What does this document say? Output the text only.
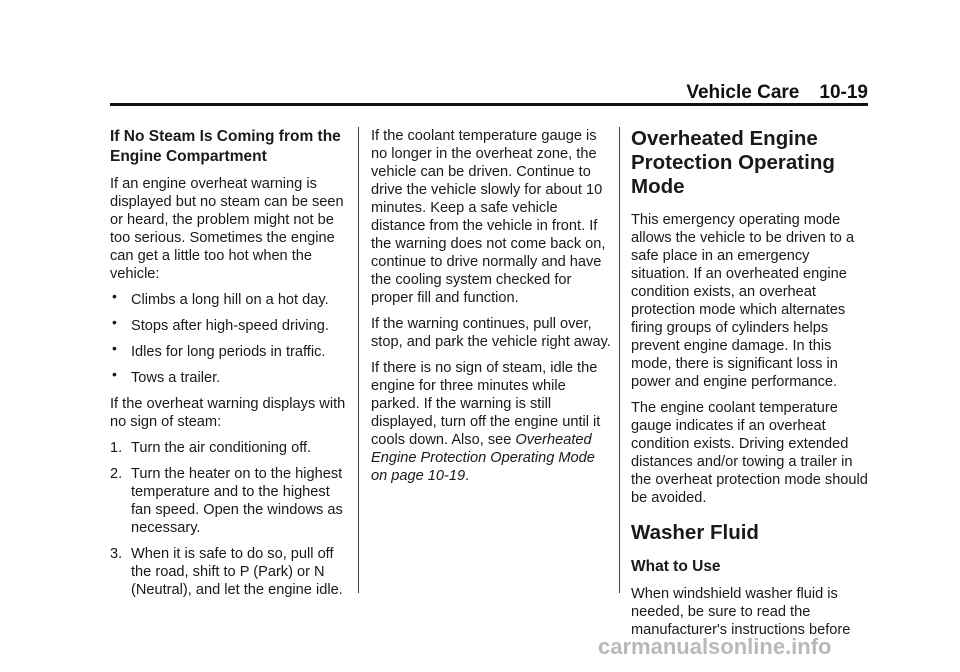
Vehicle Care 10-19
If No Steam Is Coming from the Engine Compartment

If an engine overheat warning is displayed but no steam can be seen or heard, the problem might not be too serious. Sometimes the engine can get a little too hot when the vehicle:

• Climbs a long hill on a hot day.
• Stops after high-speed driving.
• Idles for long periods in traffic.
• Tows a trailer.

If the overheat warning displays with no sign of steam:

1. Turn the air conditioning off.
2. Turn the heater on to the highest temperature and to the highest fan speed. Open the windows as necessary.
3. When it is safe to do so, pull off the road, shift to P (Park) or N (Neutral), and let the engine idle.

If the coolant temperature gauge is no longer in the overheat zone, the vehicle can be driven. Continue to drive the vehicle slowly for about 10 minutes. Keep a safe vehicle distance from the vehicle in front. If the warning does not come back on, continue to drive normally and have the cooling system checked for proper fill and function.

If the warning continues, pull over, stop, and park the vehicle right away.

If there is no sign of steam, idle the engine for three minutes while parked. If the warning is still displayed, turn off the engine until it cools down. Also, see Overheated Engine Protection Operating Mode on page 10-19.

Overheated Engine Protection Operating Mode

This emergency operating mode allows the vehicle to be driven to a safe place in an emergency situation. If an overheated engine condition exists, an overheat protection mode which alternates firing groups of cylinders helps prevent engine damage. In this mode, there is significant loss in power and engine performance.

The engine coolant temperature gauge indicates if an overheat condition exists. Driving extended distances and/or towing a trailer in the overheat protection mode should be avoided.

Washer Fluid
What to Use

When windshield washer fluid is needed, be sure to read the manufacturer's instructions before

carmanualsonline.info
